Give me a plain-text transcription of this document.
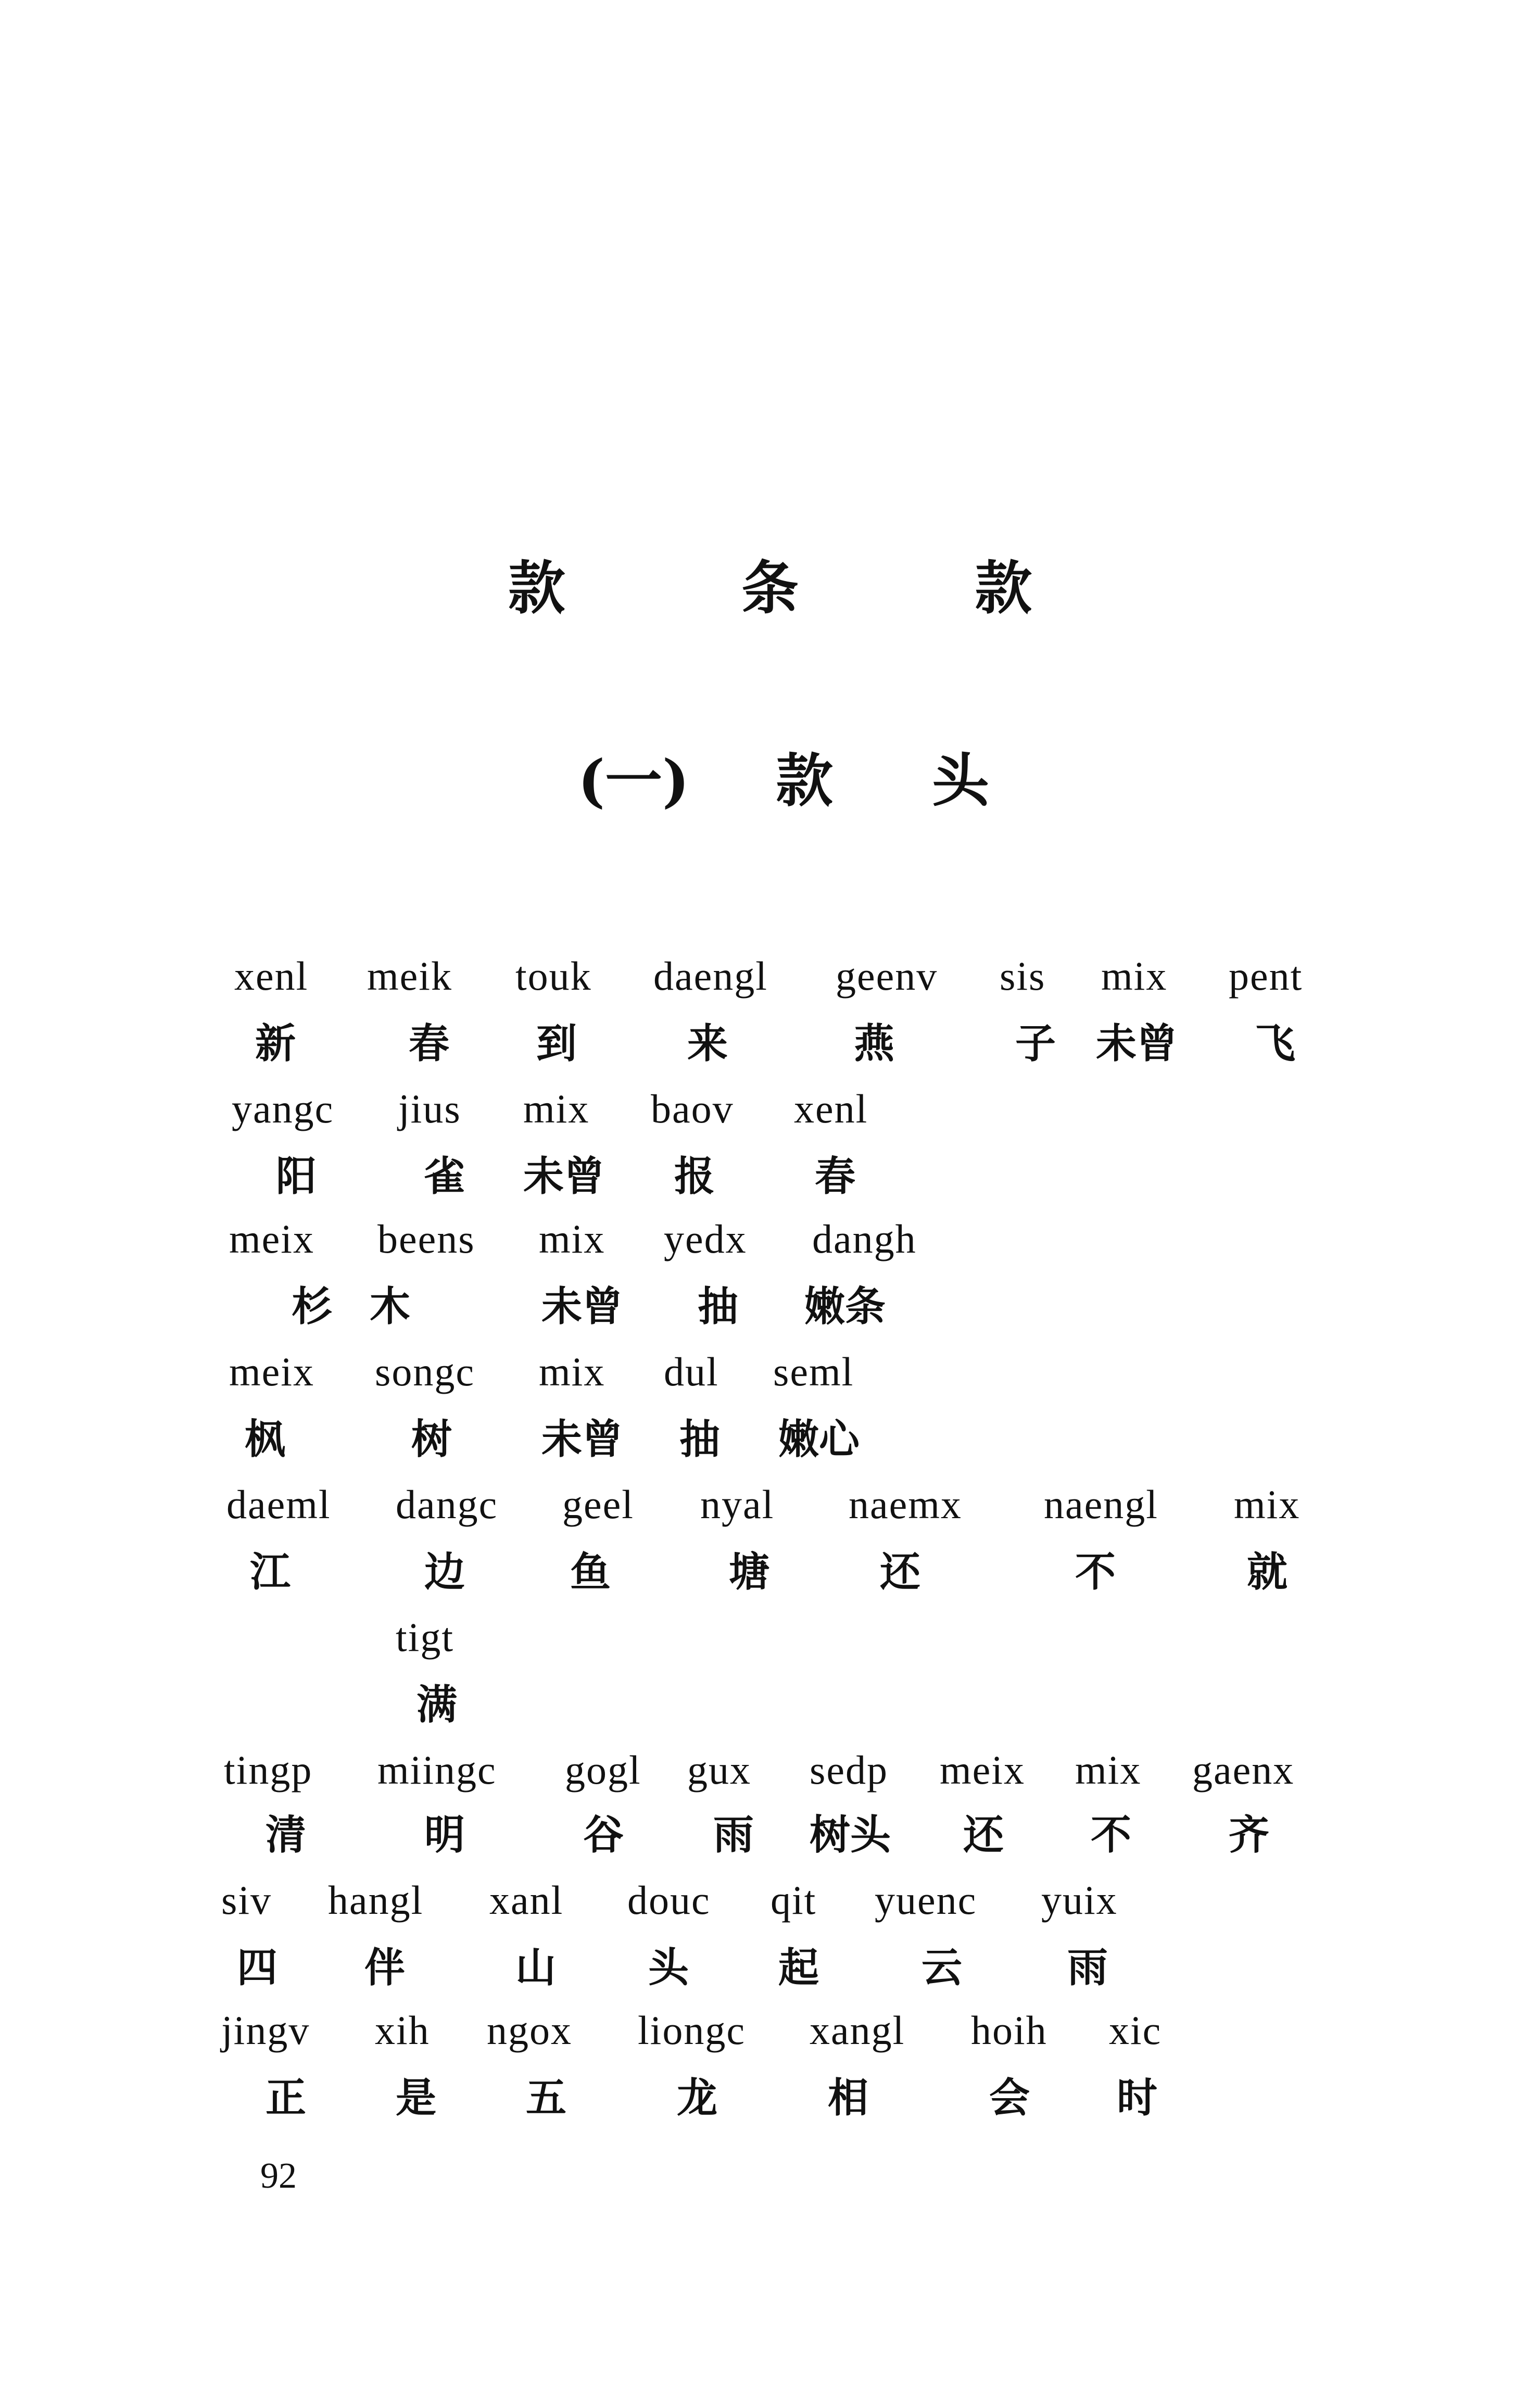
款 条 款
(一) 款 头
xenl meik touk daengl geenv sis mix pent
新	春 到	来	燕	子 未曾 飞
yangc jius mix baov xenl
阳	雀 未曾 报 春
meix beens mix yedx dangh
杉 木	未曾 抽 嫩条
meix songc mix dul seml
枫	树 未曾 抽 嫩心
daeml dangc geel nyal naemx naengl mix
江	边	鱼	塘	还	不	就
tigt
满
tingp miingc gogl gux sedp meix mix gaenx
清	明	谷 雨 树头 还 不 齐
siv hangl xanl douc qit yuenc yuix
四 伴	山 头 起	云	雨
jingv xih ngox liongc xangl hoih xic
正 是 五	龙	相	会 时
92
